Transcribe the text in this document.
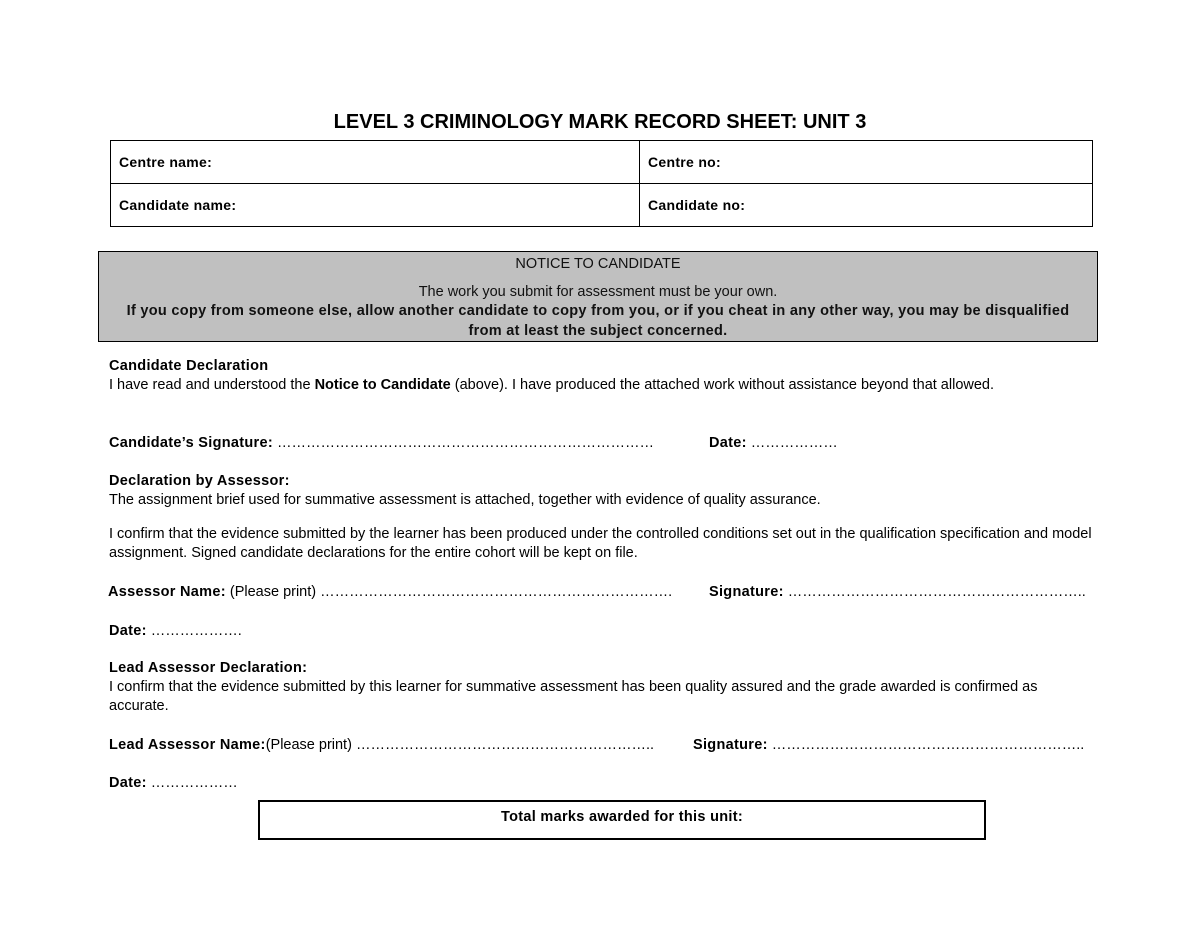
LEVEL 3 CRIMINOLOGY MARK RECORD SHEET: UNIT 3
Centre name:	Centre no:
Candidate name:	Candidate no:
NOTICE TO CANDIDATE
The work you submit for assessment must be your own.
If you copy from someone else, allow another candidate to copy from you, or if you cheat in any other way, you may be disqualified from at least the subject concerned.
Candidate Declaration
I have read and understood the Notice to Candidate (above). I have produced the attached work without assistance beyond that allowed.
Candidate’s Signature: ……………………………………………………………………	Date: ………………
Declaration by Assessor:
The assignment brief used for summative assessment is attached, together with evidence of quality assurance.
I confirm that the evidence submitted by the learner has been produced under the controlled conditions set out in the qualification specification and model assignment. Signed candidate declarations for the entire cohort will be kept on file.
Assessor Name: (Please print) ……………………………………………………………….	Signature: ……………………………………………………..
Date: ……………….
Lead Assessor Declaration:
I confirm that the evidence submitted by this learner for summative assessment has been quality assured and the grade awarded is confirmed as accurate.
Lead Assessor Name:(Please print) ……………………………………………………..	Signature: ………………………………………………………..
Date: ………………
Total marks awarded for this unit:
